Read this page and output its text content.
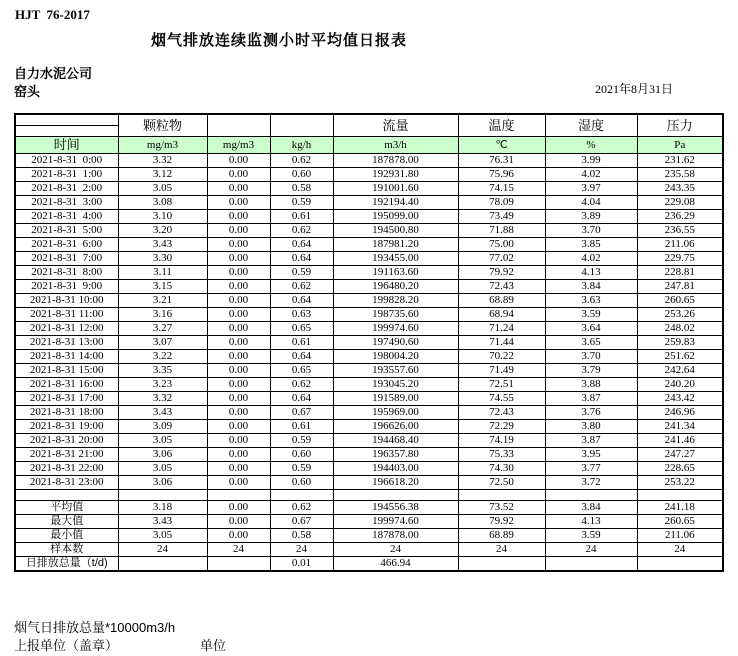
HJT  76-2017
烟气排放连续监测小时平均值日报表
自力水泥公司
窑头	2021年8月31日
	颗粒物			流量	温度	湿度	压力

时间	mg/m3	mg/m3	kg/h	m3/h	℃	%	Pa
2021-8-31  0:00	3.32	0.00	0.62	187878.00	76.31	3.99	231.62
2021-8-31  1:00	3.12	0.00	0.60	192931.80	75.96	4.02	235.58
2021-8-31  2:00	3.05	0.00	0.58	191001.60	74.15	3.97	243.35
2021-8-31  3:00	3.08	0.00	0.59	192194.40	78.09	4.04	229.08
2021-8-31  4:00	3.10	0.00	0.61	195099.00	73.49	3.89	236.29
2021-8-31  5:00	3.20	0.00	0.62	194500.80	71.88	3.70	236.55
2021-8-31  6:00	3.43	0.00	0.64	187981.20	75.00	3.85	211.06
2021-8-31  7:00	3.30	0.00	0.64	193455.00	77.02	4.02	229.75
2021-8-31  8:00	3.11	0.00	0.59	191163.60	79.92	4.13	228.81
2021-8-31  9:00	3.15	0.00	0.62	196480.20	72.43	3.84	247.81
2021-8-31 10:00	3.21	0.00	0.64	199828.20	68.89	3.63	260.65
2021-8-31 11:00	3.16	0.00	0.63	198735.60	68.94	3.59	253.26
2021-8-31 12:00	3.27	0.00	0.65	199974.60	71.24	3.64	248.02
2021-8-31 13:00	3.07	0.00	0.61	197490.60	71.44	3.65	259.83
2021-8-31 14:00	3.22	0.00	0.64	198004.20	70.22	3.70	251.62
2021-8-31 15:00	3.35	0.00	0.65	193557.60	71.49	3.79	242.64
2021-8-31 16:00	3.23	0.00	0.62	193045.20	72.51	3.88	240.20
2021-8-31 17:00	3.32	0.00	0.64	191589.00	74.55	3.87	243.42
2021-8-31 18:00	3.43	0.00	0.67	195969.00	72.43	3.76	246.96
2021-8-31 19:00	3.09	0.00	0.61	196626.00	72.29	3.80	241.34
2021-8-31 20:00	3.05	0.00	0.59	194468.40	74.19	3.87	241.46
2021-8-31 21:00	3.06	0.00	0.60	196357.80	75.33	3.95	247.27
2021-8-31 22:00	3.05	0.00	0.59	194403.00	74.30	3.77	228.65
2021-8-31 23:00	3.06	0.00	0.60	196618.20	72.50	3.72	253.22

平均值	3.18	0.00	0.62	194556.38	73.52	3.84	241.18
最大值	3.43	0.00	0.67	199974.60	79.92	4.13	260.65
最小值	3.05	0.00	0.58	187878.00	68.89	3.59	211.06
样本数	24	24	24	24	24	24	24
日排放总量（t/d)			0.01	466.94			
烟气日排放总量*10000m3/h
上报单位（盖章）	单位
